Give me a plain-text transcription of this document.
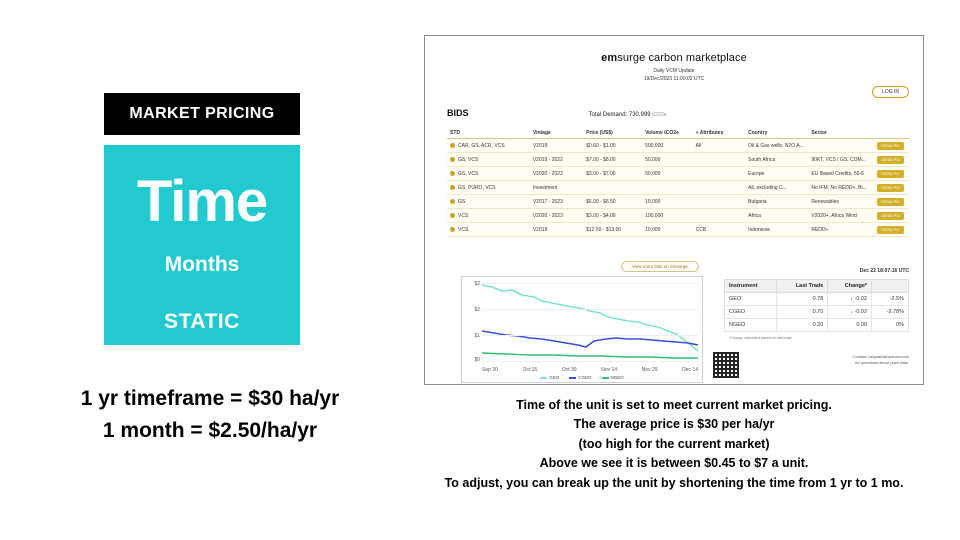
MARKET PRICING
Time
Months
STATIC
1 yr timeframe = $30 ha/yr
1 month = $2.50/ha/yr
emsurge carbon marketplace
Daily VCM Update
19/Dec/2023 11:00:02 UTC
LOG IN
BIDS	Total Demand: 730,999 tCO2e
STD	Vintage	Price (US$)	Volume tCO2e	+ Attributes	Country	Sector	
CAR, GS, ACR, VCS	V2019	$0.60 - $1.00	500,000	All	Oil & Gas wells, N2O A...		VIEW PO
GS, VCS	V2019 - 2022	$7.00 - $8.00	50,000		South Africa	90KT, VCS / GS, COM...	VIEW PO
GS, VCS	V2020 - 2022	$3.00 - $7.00	50,000		Europe	EU Based Credits, 50-6	VIEW PO
GS, PURO, VCS	Investment				All, excluding C...	No IFM, No REDD+, Bi...	VIEW PO
GS	V2017 - 2023	$6.00 - $6.50	10,000		Bulgaria	Renewables	VIEW PO
VCS	V2020 - 2023	$3.00 - $4.00	100,000		Africa	V2020+, Africa Wind	VIEW PO
VCS	V2019	$12.50 - $13.00	10,000	CCB	Indonesia	REDD+	VIEW PO
View more bids on emsurge
$2
$2
$1
$0
Sep 30	Oct 15	Oct 30	Nov 14	Nov 29	Dec 14
GEO	CGEO	NGEO
Dec 22 18:07:16 UTC
Instrument	Last Trade	Change*	
GEO	0.78	↓ -0.02	-2.5%
CGEO	0.70	↓ -0.02	-2.78%
NGEO	0.20	0.00	0%
*Change calculated based on last trade
Contact: xsignals@xpansiv.com
for questions about price data.
Time of the unit is set to meet current market pricing.
The average price is $30 per ha/yr
(too high for the current market)
Above we see it is between $0.45 to $7 a unit.
To adjust, you can break up the unit by shortening the time from 1 yr to 1 mo.
